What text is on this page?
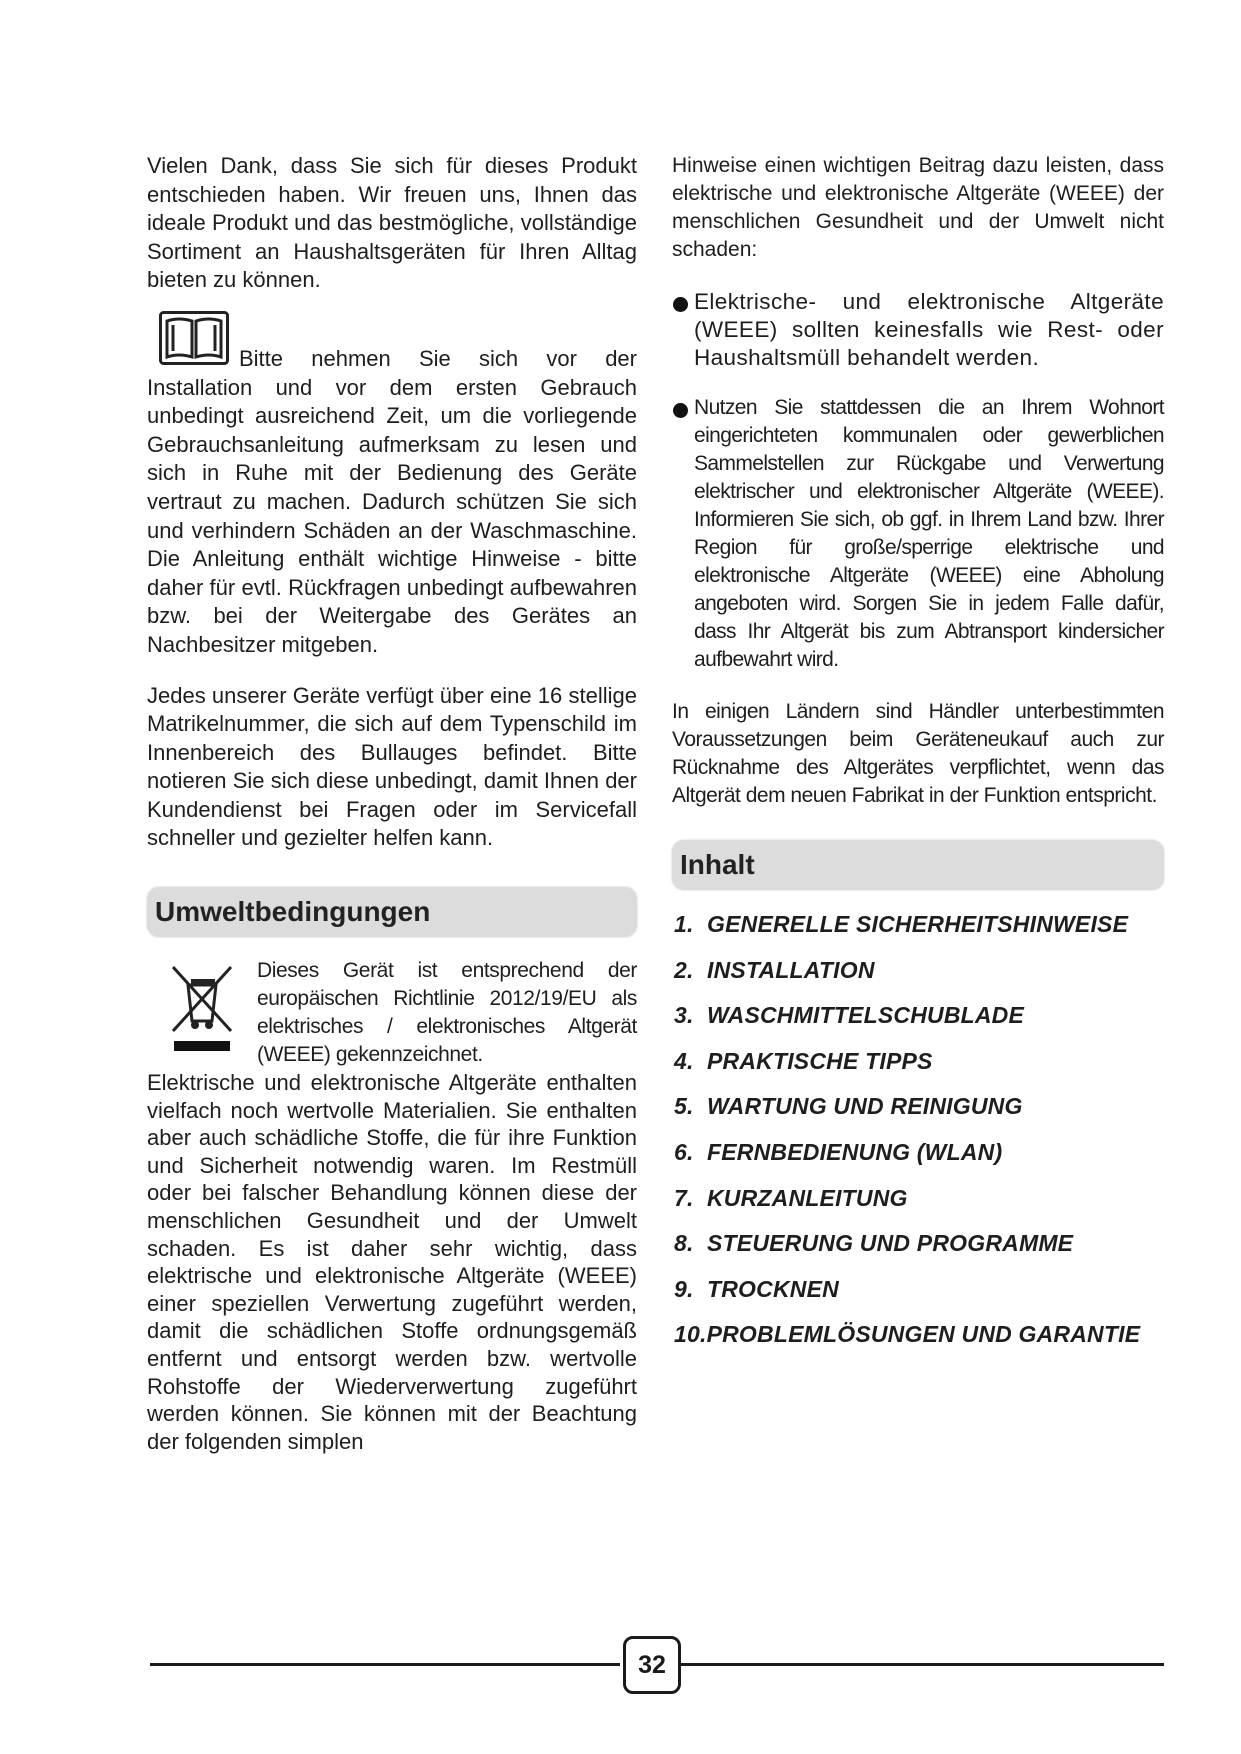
Vielen Dank, dass Sie sich für dieses Produkt entschieden haben. Wir freuen uns, Ihnen das ideale Produkt und das bestmögliche, vollständige Sortiment an Haushaltsgeräten für Ihren Alltag bieten zu können.

Bitte nehmen Sie sich vor der Installation und vor dem ersten Gebrauch unbedingt ausreichend Zeit, um die vorliegende Gebrauchsanleitung aufmerksam zu lesen und sich in Ruhe mit der Bedienung des Geräte vertraut zu machen. Dadurch schützen Sie sich und verhindern Schäden an der Waschmaschine. Die Anleitung enthält wichtige Hinweise - bitte daher für evtl. Rückfragen unbedingt aufbewahren bzw. bei der Weitergabe des Gerätes an Nachbesitzer mitgeben.

Jedes unserer Geräte verfügt über eine 16 stellige Matrikelnummer, die sich auf dem Typenschild im Innenbereich des Bullauges befindet. Bitte notieren Sie sich diese unbedingt, damit Ihnen der Kundendienst bei Fragen oder im Servicefall schneller und gezielter helfen kann.

Umweltbedingungen

Dieses Gerät ist entsprechend der europäischen Richtlinie 2012/19/EU als elektrisches / elektronisches Altgerät (WEEE) gekennzeichnet.

Elektrische und elektronische Altgeräte enthalten vielfach noch wertvolle Materialien. Sie enthalten aber auch schädliche Stoffe, die für ihre Funktion und Sicherheit notwendig waren. Im Restmüll oder bei falscher Behandlung können diese der menschlichen Gesundheit und der Umwelt schaden. Es ist daher sehr wichtig, dass elektrische und elektronische Altgeräte (WEEE) einer speziellen Verwertung zugeführt werden, damit die schädlichen Stoffe ordnungsgemäß entfernt und entsorgt werden bzw. wertvolle Rohstoffe der Wiederverwertung zugeführt werden können. Sie können mit der Beachtung der folgenden simplen

Hinweise einen wichtigen Beitrag dazu leisten, dass elektrische und elektronische Altgeräte (WEEE) der menschlichen Gesundheit und der Umwelt nicht schaden:

Elektrische- und elektronische Altgeräte (WEEE) sollten keinesfalls wie Rest- oder Haushaltsmüll behandelt werden.

Nutzen Sie stattdessen die an Ihrem Wohnort eingerichteten kommunalen oder gewerblichen Sammelstellen zur Rückgabe und Verwertung elektrischer und elektronischer Altgeräte (WEEE). Informieren Sie sich, ob ggf. in Ihrem Land bzw. Ihrer Region für große/sperrige elektrische und elektronische Altgeräte (WEEE) eine Abholung angeboten wird. Sorgen Sie in jedem Falle dafür, dass Ihr Altgerät bis zum Abtransport kindersicher aufbewahrt wird.

In einigen Ländern sind Händler unterbestimmten Voraussetzungen beim Geräteneukauf auch zur Rücknahme des Altgerätes verpflichtet, wenn das Altgerät dem neuen Fabrikat in der Funktion entspricht.

Inhalt
1. GENERELLE SICHERHEITSHINWEISE
2. INSTALLATION
3. WASCHMITTELSCHUBLADE
4. PRAKTISCHE TIPPS
5. WARTUNG UND REINIGUNG
6. FERNBEDIENUNG (WLAN)
7. KURZANLEITUNG
8. STEUERUNG UND PROGRAMME
9. TROCKNEN
10.PROBLEMLÖSUNGEN UND GARANTIE
32
